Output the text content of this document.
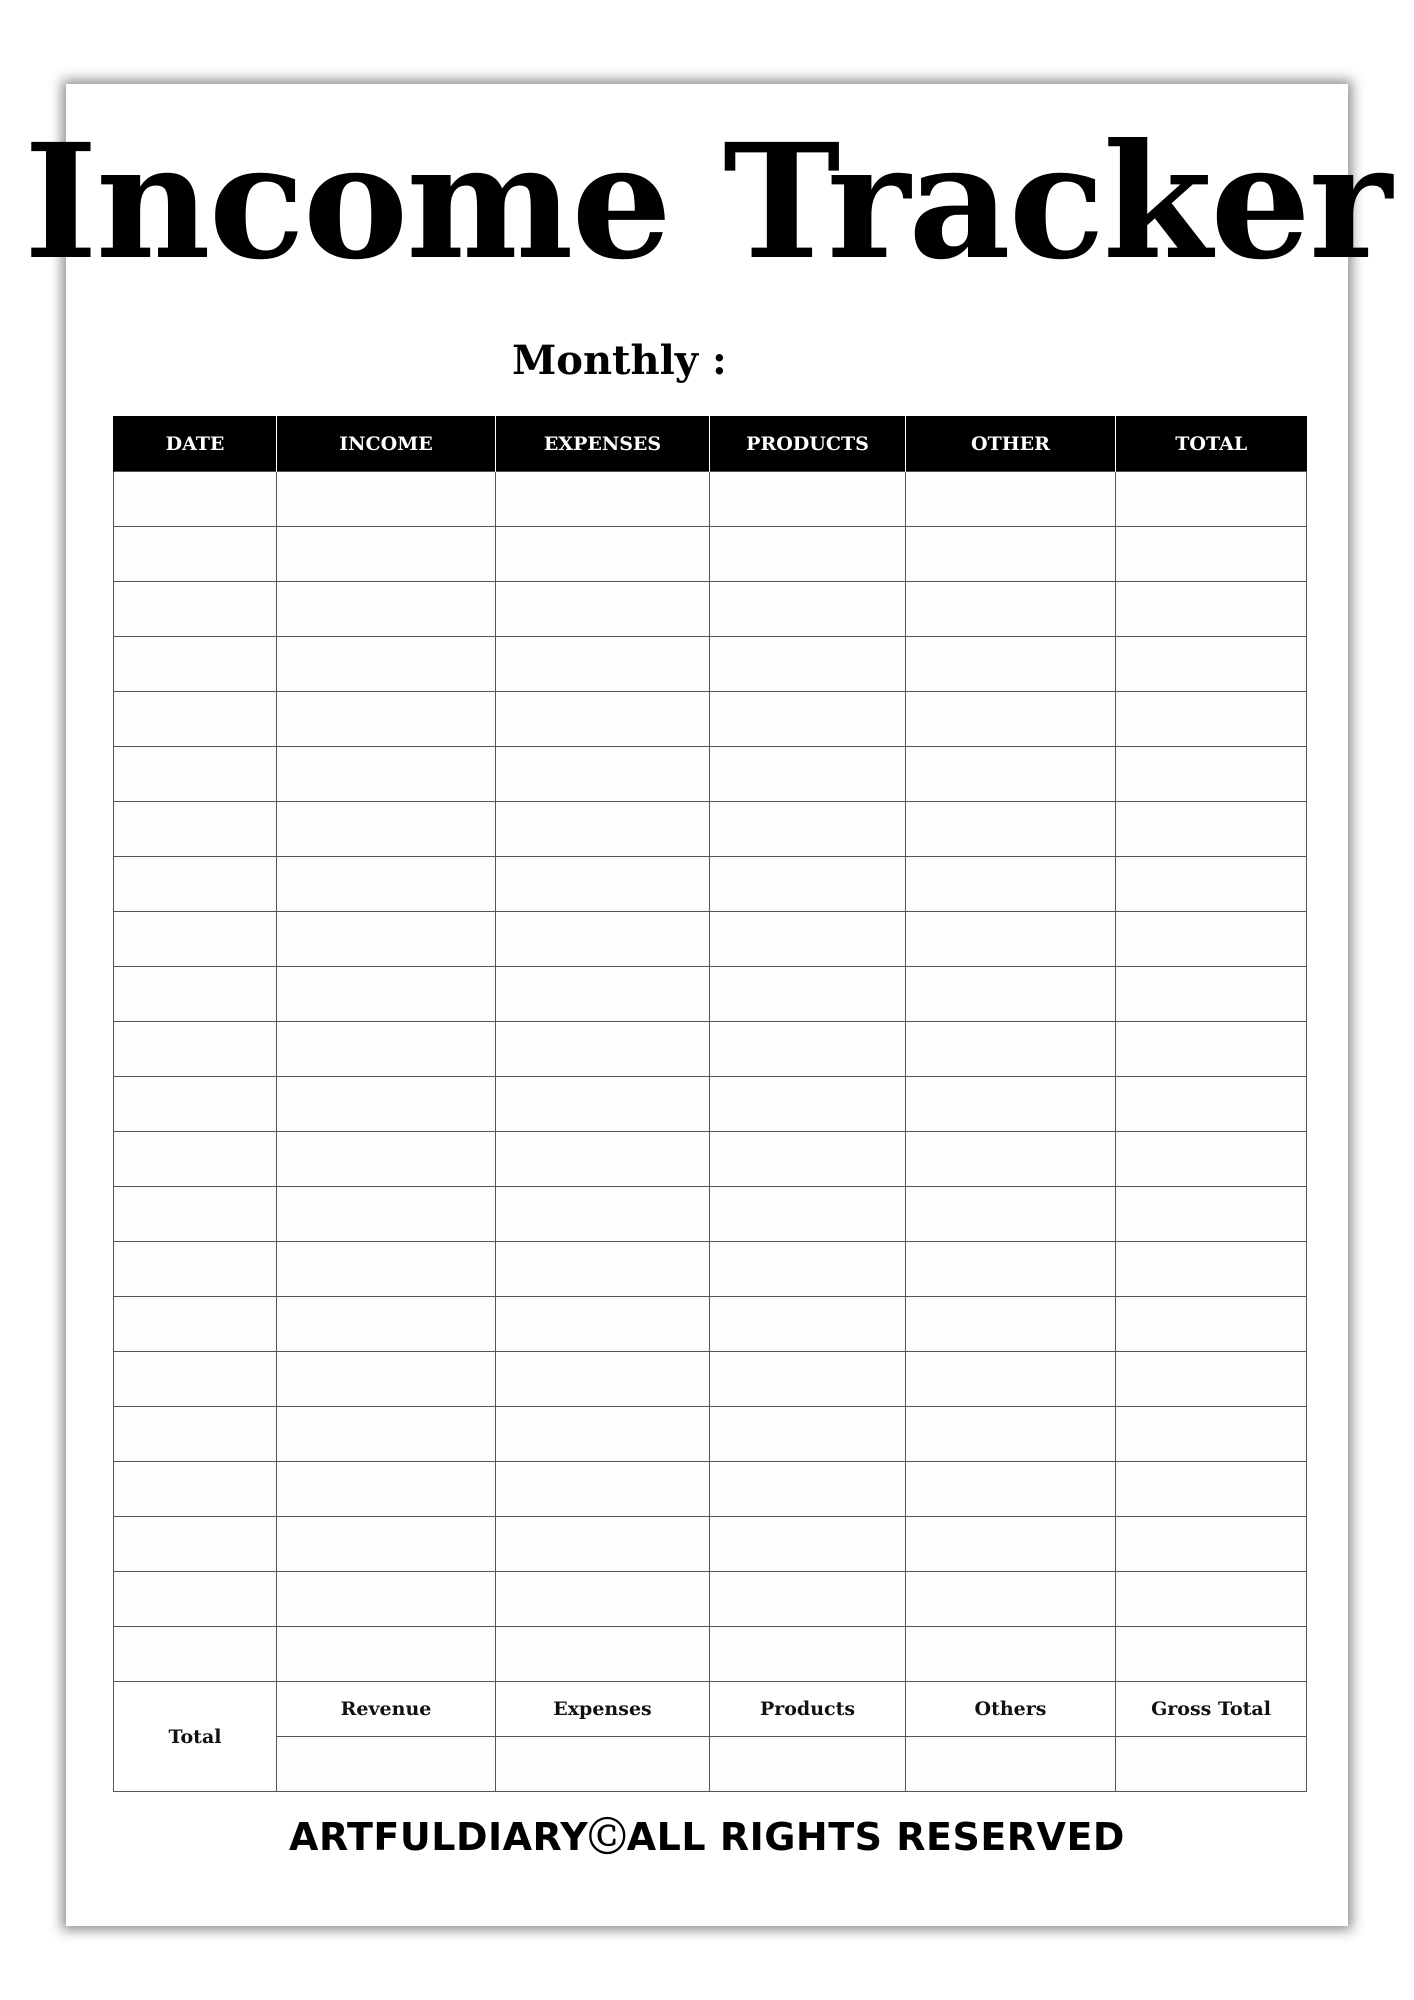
Income Tracker
Monthly :
DATE	INCOME	EXPENSES	PRODUCTS	OTHER	TOTAL

Total	Revenue	Expenses	Products	Others	Gross Total

ARTFULDIARYⒸALL RIGHTS RESERVED
